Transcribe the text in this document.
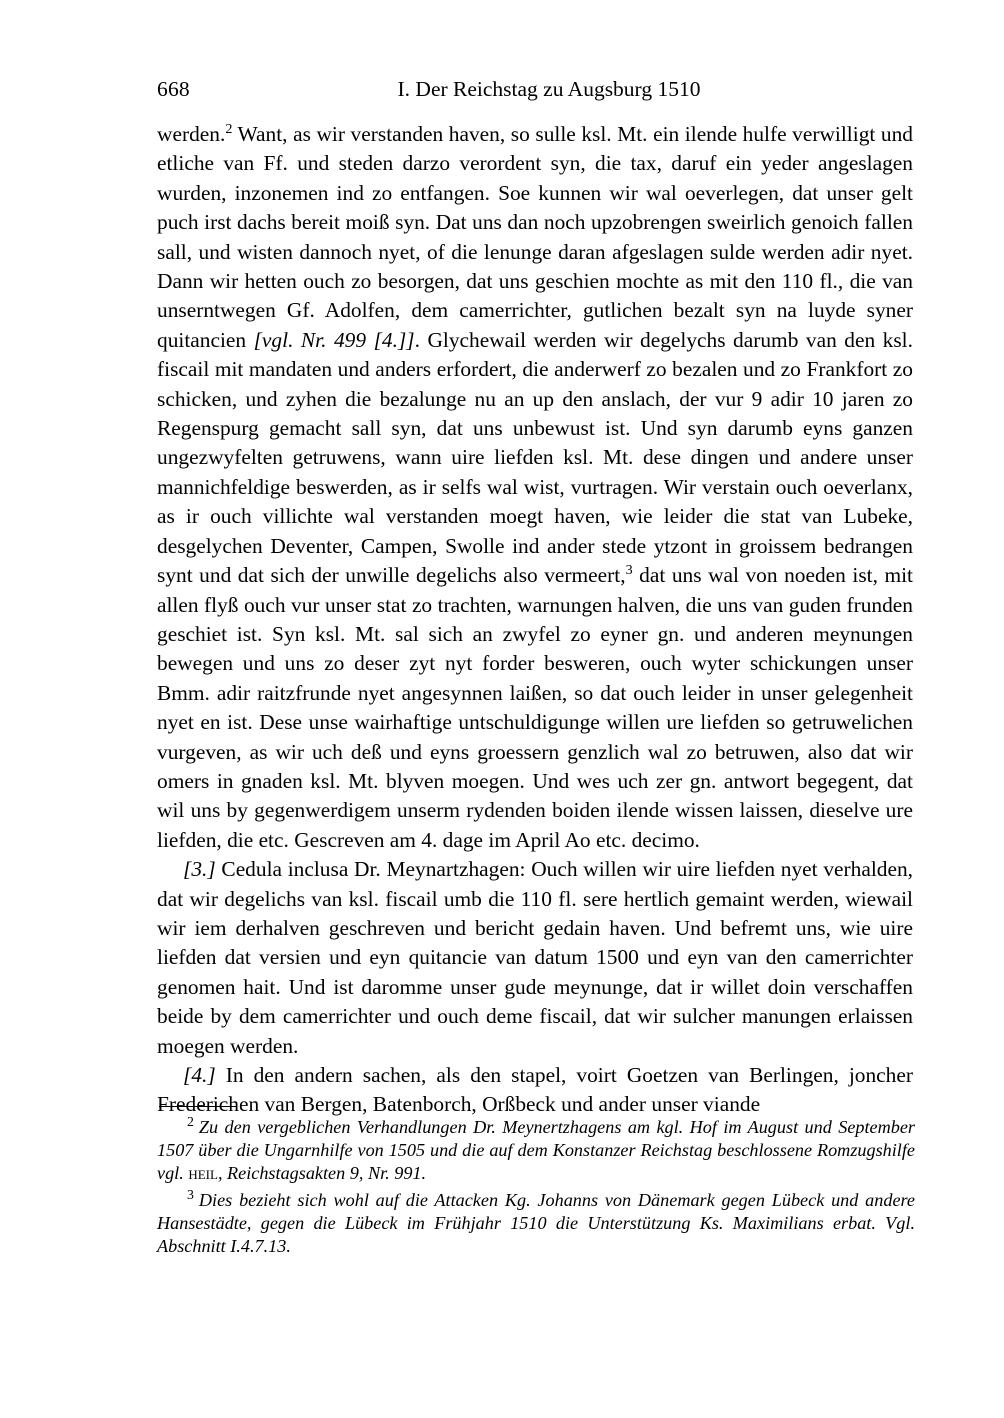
668	I. Der Reichstag zu Augsburg 1510

werden.$^2$ Want, as wir verstanden haven, so sulle ksl. Mt. ein ilende hulfe verwilligt und etliche van Ff. und steden darzo verordent syn, die tax, daruf ein yeder angeslagen wurden, inzonemen ind zo entfangen. Soe kunnen wir wal oeverlegen, dat unser gelt puch irst dachs bereit moiß syn. Dat uns dan noch upzobrengen sweirlich genoich fallen sall, und wisten dannoch nyet, of die lenunge daran afgeslagen sulde werden adir nyet. Dann wir hetten ouch zo besorgen, dat uns geschien mochte as mit den 110 fl., die van unserntwegen Gf. Adolfen, dem camerrichter, gutlichen bezalt syn na luyde syner quitancien [vgl. Nr. 499 [4.]]. Glychewail werden wir degelychs darumb van den ksl. fiscail mit mandaten und anders erfordert, die anderwerf zo bezalen und zo Frankfort zo schicken, und zyhen die bezalunge nu an up den anslach, der vur 9 adir 10 jaren zo Regenspurg gemacht sall syn, dat uns unbewust ist. Und syn darumb eyns ganzen ungezwyfelten getruwens, wann uire liefden ksl. Mt. dese dingen und andere unser mannichfeldige beswerden, as ir selfs wal wist, vurtragen. Wir verstain ouch oeverlanx, as ir ouch villichte wal verstanden moegt haven, wie leider die stat van Lubeke, desgelychen Deventer, Campen, Swolle ind ander stede ytzont in groissem bedrangen synt und dat sich der unwille degelichs also vermeert,$^3$ dat uns wal von noeden ist, mit allen flyß ouch vur unser stat zo trachten, warnungen halven, die uns van guden frunden geschiet ist. Syn ksl. Mt. sal sich an zwyfel zo eyner gn. und anderen meynungen bewegen und uns zo deser zyt nyt forder besweren, ouch wyter schickungen unser Bmm. adir raitzfrunde nyet angesynnen laißen, so dat ouch leider in unser gelegenheit nyet en ist. Dese unse wairhaftige untschuldigunge willen ure liefden so getruwelichen vurgeven, as wir uch deß und eyns groessern genzlich wal zo betruwen, also dat wir omers in gnaden ksl. Mt. blyven moegen. Und wes uch zer gn. antwort begegent, dat wil uns by gegenwerdigem unserm rydenden boiden ilende wissen laissen, dieselve ure liefden, die etc. Gescreven am 4. dage im April Ao etc. decimo.

[3.] Cedula inclusa Dr. Meynartzhagen: Ouch willen wir uire liefden nyet verhalden, dat wir degelichs van ksl. fiscail umb die 110 fl. sere hertlich gemaint werden, wiewail wir iem derhalven geschreven und bericht gedain haven. Und befremt uns, wie uire liefden dat versien und eyn quitancie van datum 1500 und eyn van den camerrichter genomen hait. Und ist daromme unser gude meynunge, dat ir willet doin verschaffen beide by dem camerrichter und ouch deme fiscail, dat wir sulcher manungen erlaissen moegen werden.

[4.] In den andern sachen, als den stapel, voirt Goetzen van Berlingen, joncher Frederichen van Bergen, Batenborch, Orßbeck und ander unser viande

$^2$ Zu den vergeblichen Verhandlungen Dr. Meynertzhagens am kgl. Hof im August und September 1507 über die Ungarnhilfe von 1505 und die auf dem Konstanzer Reichstag beschlossene Romzugshilfe vgl. heil, Reichstagsakten 9, Nr. 991.

$^3$ Dies bezieht sich wohl auf die Attacken Kg. Johanns von Dänemark gegen Lübeck und andere Hansestädte, gegen die Lübeck im Frühjahr 1510 die Unterstützung Ks. Maximilians erbat. Vgl. Abschnitt I.4.7.13.
